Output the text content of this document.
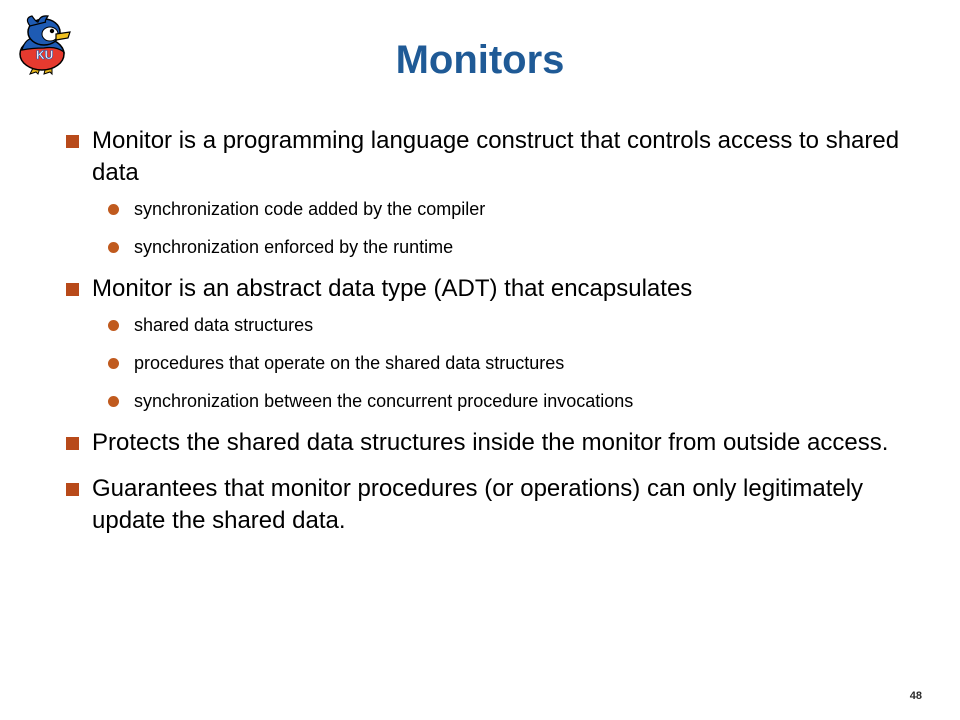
KU	Monitors
Monitor is a programming language construct that controls access to shared data
synchronization code added by the compiler
synchronization enforced by the runtime
Monitor is an abstract data type (ADT) that encapsulates
shared data structures
procedures that operate on the shared data structures
synchronization between the concurrent procedure invocations
Protects the shared data structures inside the monitor from outside access.
Guarantees that monitor procedures (or operations) can only legitimately update the shared data.
48
